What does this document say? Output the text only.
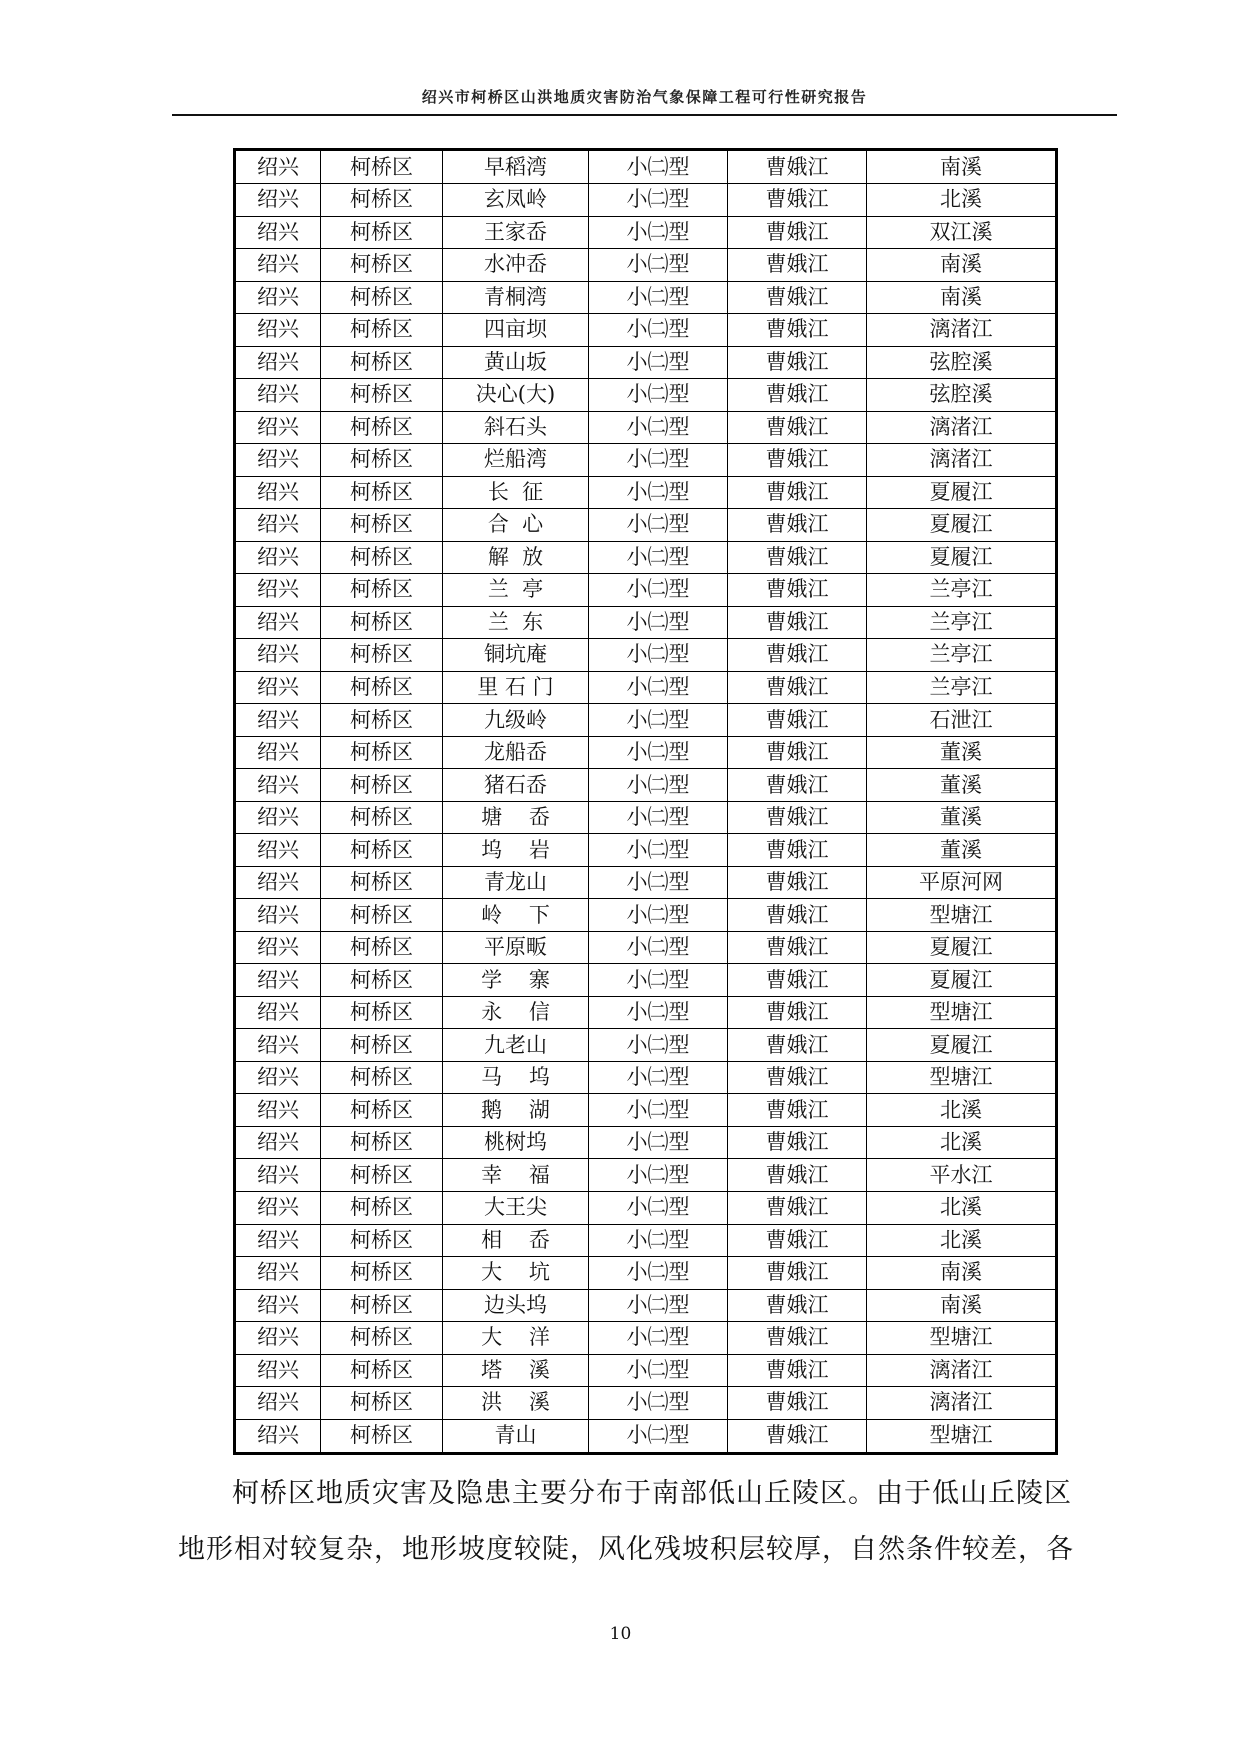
绍兴市柯桥区山洪地质灾害防治气象保障工程可行性研究报告
绍兴	柯桥区	早稻湾	小㈡型	曹娥江	南溪
绍兴	柯桥区	玄凤岭	小㈡型	曹娥江	北溪
绍兴	柯桥区	王家岙	小㈡型	曹娥江	双江溪
绍兴	柯桥区	水冲岙	小㈡型	曹娥江	南溪
绍兴	柯桥区	青桐湾	小㈡型	曹娥江	南溪
绍兴	柯桥区	四亩坝	小㈡型	曹娥江	漓渚江
绍兴	柯桥区	黄山坂	小㈡型	曹娥江	弦腔溪
绍兴	柯桥区	决心(大)	小㈡型	曹娥江	弦腔溪
绍兴	柯桥区	斜石头	小㈡型	曹娥江	漓渚江
绍兴	柯桥区	烂船湾	小㈡型	曹娥江	漓渚江
绍兴	柯桥区	长  征	小㈡型	曹娥江	夏履江
绍兴	柯桥区	合  心	小㈡型	曹娥江	夏履江
绍兴	柯桥区	解  放	小㈡型	曹娥江	夏履江
绍兴	柯桥区	兰  亭	小㈡型	曹娥江	兰亭江
绍兴	柯桥区	兰  东	小㈡型	曹娥江	兰亭江
绍兴	柯桥区	铜坑庵	小㈡型	曹娥江	兰亭江
绍兴	柯桥区	里 石 门	小㈡型	曹娥江	兰亭江
绍兴	柯桥区	九级岭	小㈡型	曹娥江	石泄江
绍兴	柯桥区	龙船岙	小㈡型	曹娥江	董溪
绍兴	柯桥区	猪石岙	小㈡型	曹娥江	董溪
绍兴	柯桥区	塘    岙	小㈡型	曹娥江	董溪
绍兴	柯桥区	坞    岩	小㈡型	曹娥江	董溪
绍兴	柯桥区	青龙山	小㈡型	曹娥江	平原河网
绍兴	柯桥区	岭    下	小㈡型	曹娥江	型塘江
绍兴	柯桥区	平原畈	小㈡型	曹娥江	夏履江
绍兴	柯桥区	学    寨	小㈡型	曹娥江	夏履江
绍兴	柯桥区	永    信	小㈡型	曹娥江	型塘江
绍兴	柯桥区	九老山	小㈡型	曹娥江	夏履江
绍兴	柯桥区	马    坞	小㈡型	曹娥江	型塘江
绍兴	柯桥区	鹅    湖	小㈡型	曹娥江	北溪
绍兴	柯桥区	桃树坞	小㈡型	曹娥江	北溪
绍兴	柯桥区	幸    福	小㈡型	曹娥江	平水江
绍兴	柯桥区	大王尖	小㈡型	曹娥江	北溪
绍兴	柯桥区	相    岙	小㈡型	曹娥江	北溪
绍兴	柯桥区	大    坑	小㈡型	曹娥江	南溪
绍兴	柯桥区	边头坞	小㈡型	曹娥江	南溪
绍兴	柯桥区	大    洋	小㈡型	曹娥江	型塘江
绍兴	柯桥区	塔    溪	小㈡型	曹娥江	漓渚江
绍兴	柯桥区	洪    溪	小㈡型	曹娥江	漓渚江
绍兴	柯桥区	青山	小㈡型	曹娥江	型塘江

柯桥区地质灾害及隐患主要分布于南部低山丘陵区。由于低山丘陵区

地形相对较复杂，地形坡度较陡，风化残坡积层较厚，自然条件较差，各

10
